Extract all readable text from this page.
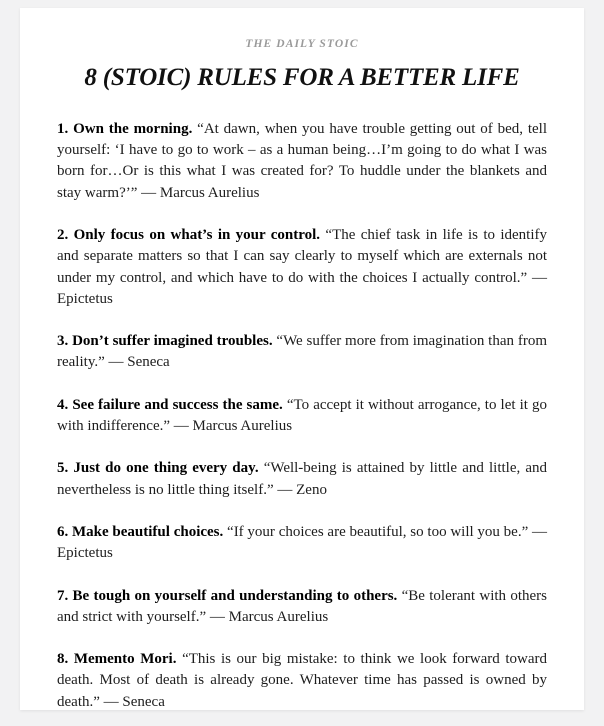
THE DAILY STOIC
8 (STOIC) RULES FOR A BETTER LIFE

1. Own the morning. “At dawn, when you have trouble getting out of bed, tell yourself: ‘I have to go to work – as a human being…I’m going to do what I was born for…Or is this what I was created for? To huddle under the blankets and stay warm?’” — Marcus Aurelius

2. Only focus on what’s in your control. “The chief task in life is to identify and separate matters so that I can say clearly to myself which are externals not under my control, and which have to do with the choices I actually control.” — Epictetus

3. Don’t suffer imagined troubles. “We suffer more from imagination than from reality.” — Seneca

4. See failure and success the same. “To accept it without arrogance, to let it go with indifference.” — Marcus Aurelius

5. Just do one thing every day. “Well-being is attained by little and little, and nevertheless is no little thing itself.” — Zeno

6. Make beautiful choices. “If your choices are beautiful, so too will you be.” — Epictetus

7. Be tough on yourself and understanding to others. “Be tolerant with others and strict with yourself.” — Marcus Aurelius

8. Memento Mori. “This is our big mistake: to think we look forward toward death. Most of death is already gone. Whatever time has passed is owned by death.” — Seneca
